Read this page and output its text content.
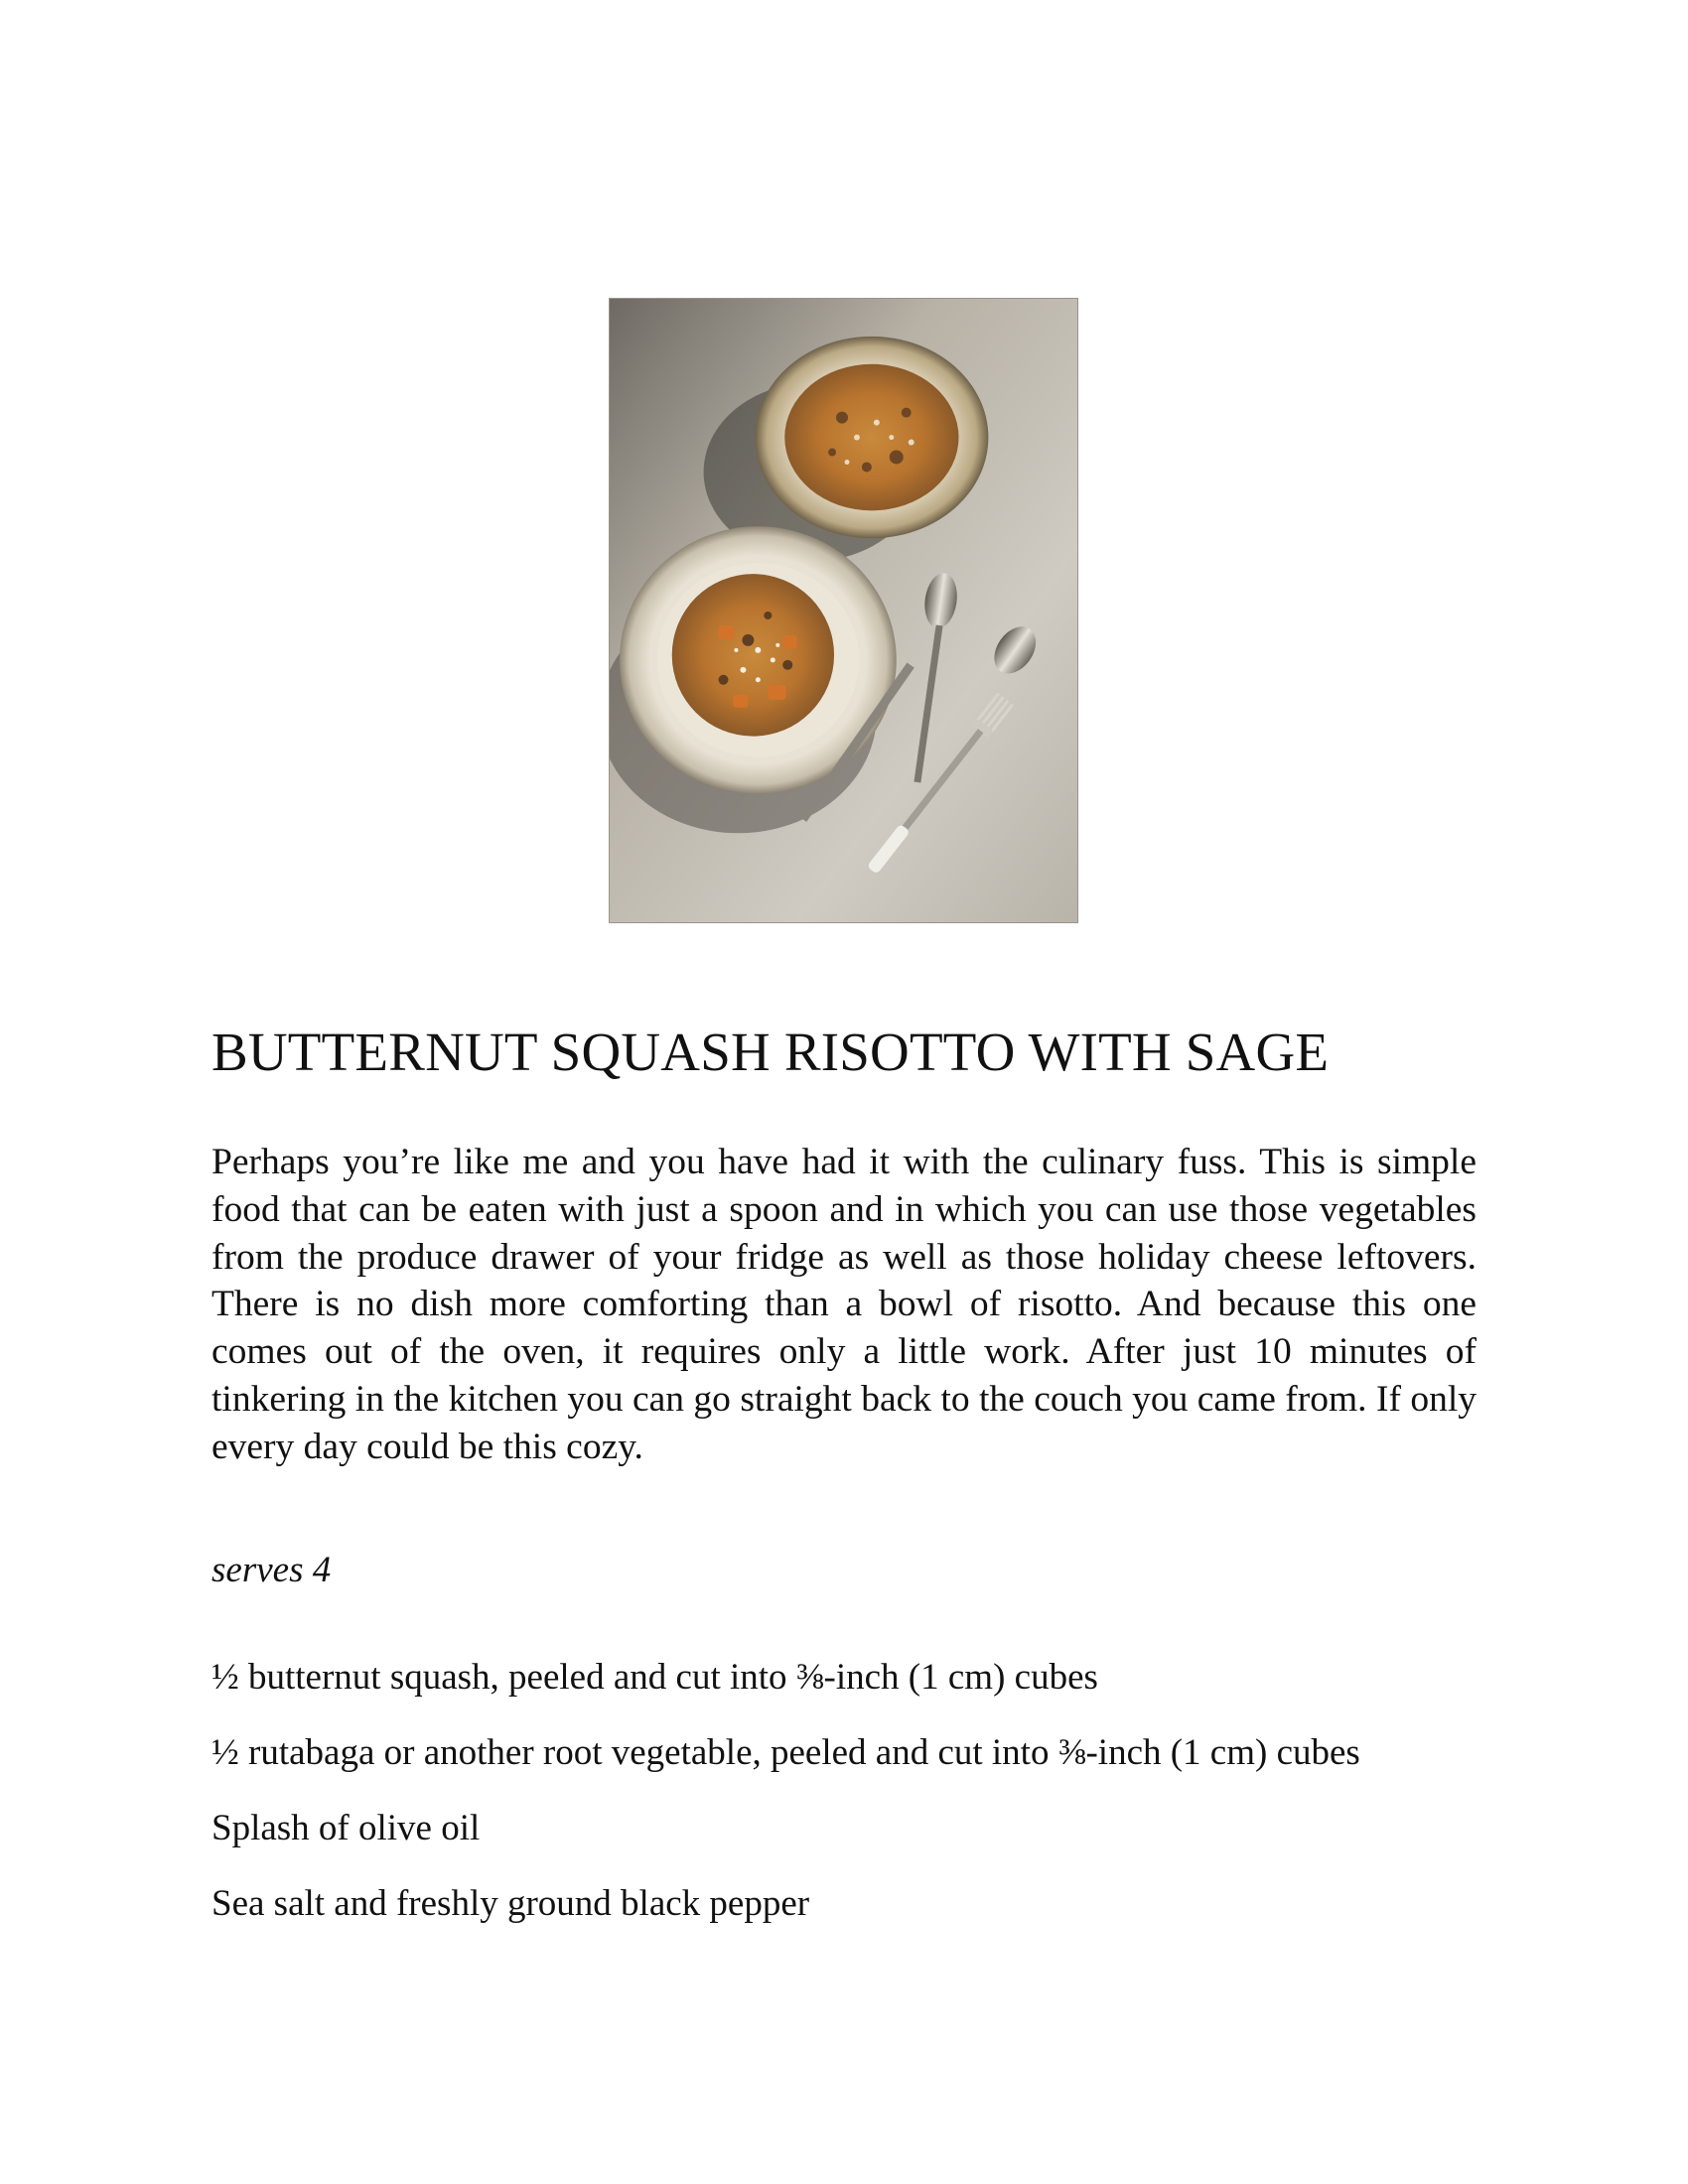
BUTTERNUT SQUASH RISOTTO WITH SAGE

Perhaps you’re like me and you have had it with the culinary fuss. This is simple food that can be eaten with just a spoon and in which you can use those vegetables from the produce drawer of your fridge as well as those holiday cheese leftovers. There is no dish more comforting than a bowl of risotto. And because this one comes out of the oven, it requires only a little work. After just 10 minutes of tinkering in the kitchen you can go straight back to the couch you came from. If only every day could be this cozy.

serves 4

½ butternut squash, peeled and cut into ⅜-inch (1 cm) cubes
½ rutabaga or another root vegetable, peeled and cut into ⅜-inch (1 cm) cubes
Splash of olive oil
Sea salt and freshly ground black pepper
